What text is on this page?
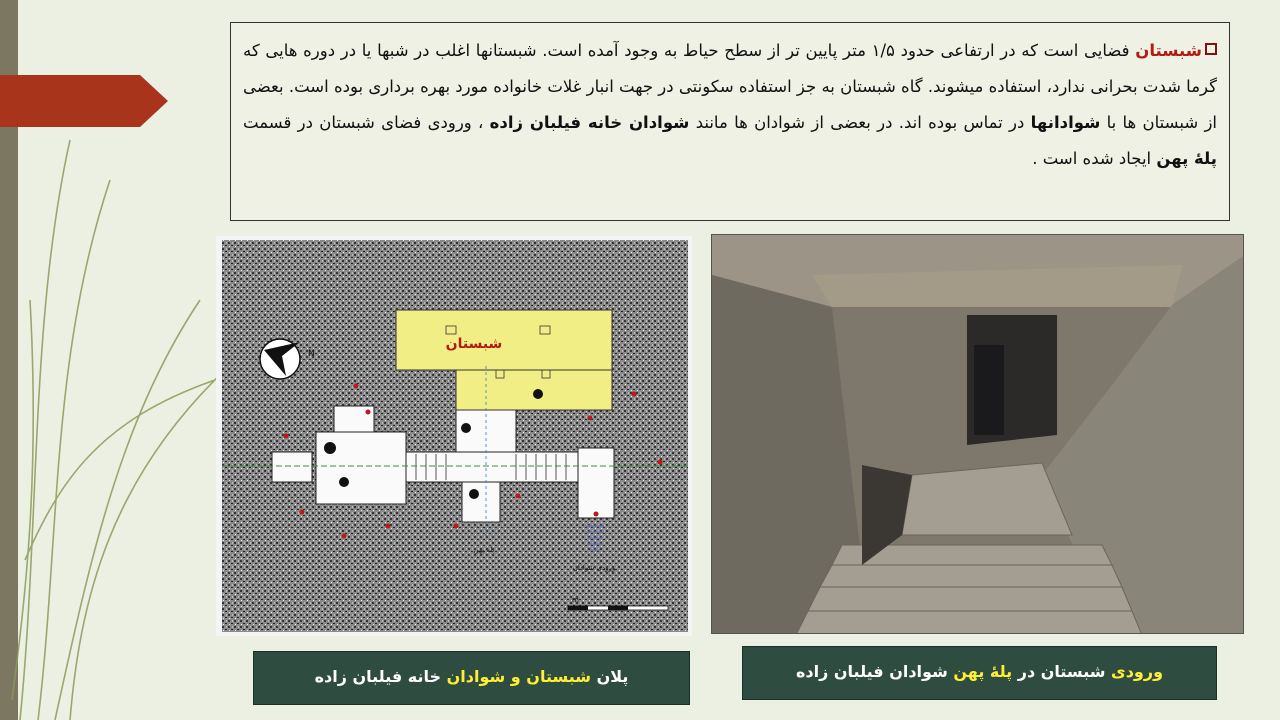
شبستان فضایی است که در ارتفاعی حدود ۱/۵ متر پایین تر از سطح حیاط به وجود آمده است. شبستانها اغلب در شبها یا در دوره هایی که گرما شدت بحرانی ندارد، استفاده میشوند. گاه شبستان به جز استفاده سکونتی در جهت انبار غلات خانواده مورد بهره برداری بوده است. بعضی از شبستان ها با شوادانها در تماس بوده اند. در بعضی از شوادان ها مانند شوادان خانه فیلبان زاده ، ورودی فضای شبستان در قسمت پلۀ پهن ایجاد شده است .
شبستان
N
پله پهن
ورودی شوادان
m
پلان شبستان و شوادان خانه فیلبان زاده	ورودی شبستان در پلۀ پهن شوادان فیلبان زاده
